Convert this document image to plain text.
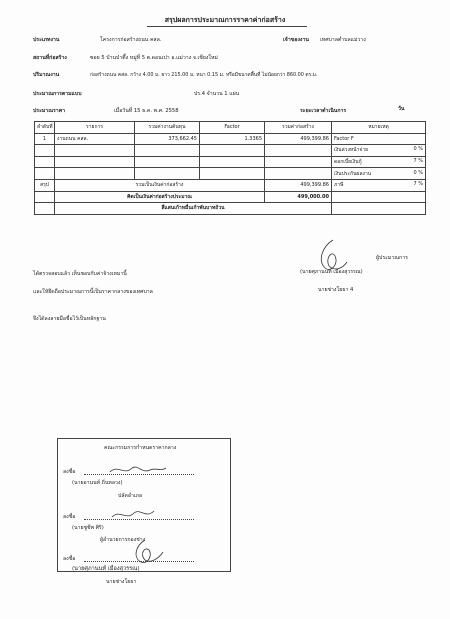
สรุปผลการประมาณการราคาค่าก่อสร้าง
ประเภทงาน	โครงการก่อสร้างถนน คสล.	เจ้าของงาน เทศบาลตำบลแม่วาง
สถานที่ก่อสร้าง	ซอย 5 บ้านป่าตึ้ง หมู่ที่ 5 ต.ดอนเปา อ.แม่วาง จ.เชียงใหม่
ปริมาณงาน	ก่อสร้างถนน คสล. กว้าง 4.00 ม. ยาว 215.00 ม. หนา 0.15 ม. หรือมีขนาดพื้นที่ ไม่น้อยกว่า 860.00 ตร.ม.
ประมาณการตามแบบ	ปร.4 จำนวน 1 แผ่น
ประมาณราคา	เมื่อวันที่ 15 ธ.ค. พ.ศ. 2558	ระยะเวลาดำเนินการ	วัน
ลำดับที่	รายการ	รวมค่างานต้นทุน	Factor	รวมค่าก่อสร้าง	หมายเหตุ
1	งานถนน คสล.	373,662.45	1.3365	499,399.86	Factor F
					เงินล่วงหน้าจ่าย 0 %

					ดอกเบี้ยเงินกู้ 7 %

					เงินประกันผลงาน 0 %

สรุป	รวมเป็นเงินค่าก่อสร้าง			499,399.86	ภาษี 7 %

	คิดเป็นเงินค่าก่อสร้างประมาณ			499,000.00	
	สี่แสนเก้าหมื่นเก้าพันบาทถ้วน				
ผู้ประมาณการ
(นายศุภานนท์ เมืองสุวรรณ)
นายช่างโยธา 4
ได้ตรวจสอบแล้ว เห็นชอบกับค่าจ้างเหมานี้
และให้ยึดถือประมาณการนี้เป็นราคากลางของเทศบาล
จึงได้ลงลายมือชื่อไว้เป็นหลักฐาน
คณะกรรมการกำหนดราคากลาง
ลงชื่อ
(นายอานนท์ ถิ่นหลวง)
ปลัดอำเภอ
ลงชื่อ
(นายชูชีพ ศิริ)
ผู้อำนวยการกองช่าง
ลงชื่อ
(นายศุภานนท์ เมืองสุวรรณ)
นายช่างโยธา
